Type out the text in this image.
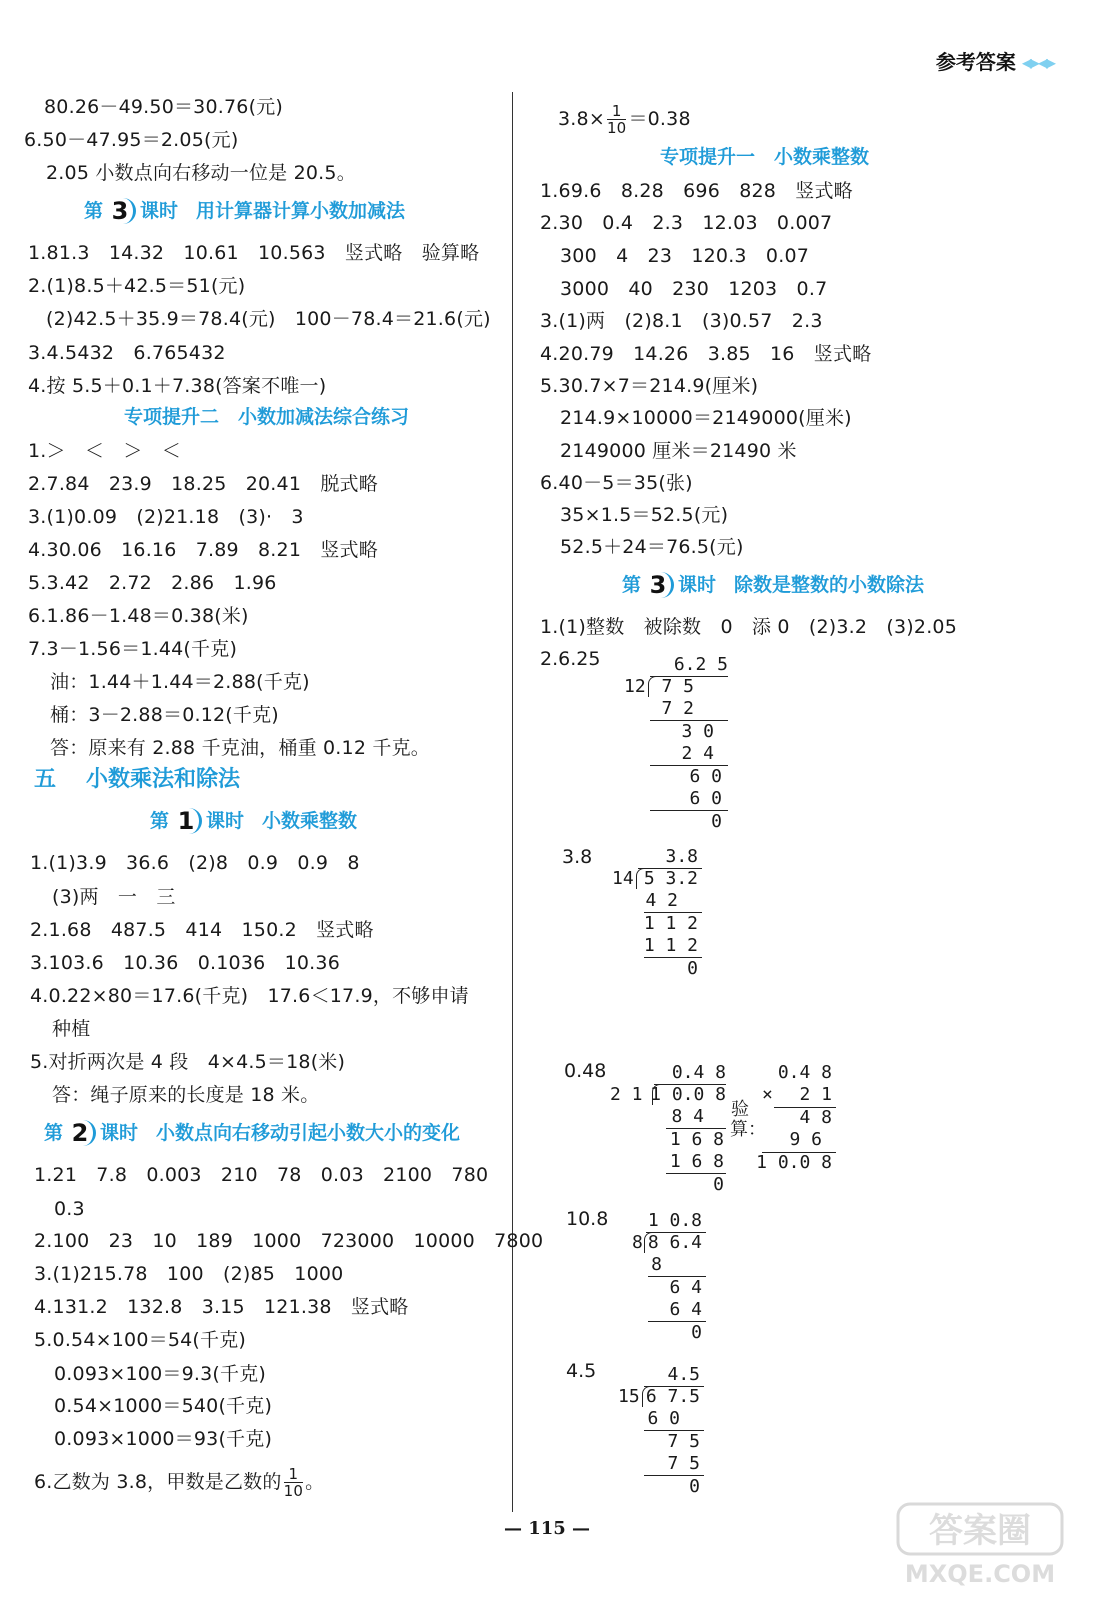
参考答案 ◂▸◂▸
80.26－49.50＝30.76(元)
6.50－47.95＝2.05(元)
2.05 小数点向右移动一位是 20.5。
第 3 课时 用计算器计算小数加减法
1.81.3　14.32　10.61　10.563　竖式略　验算略
2.(1)8.5＋42.5＝51(元)
(2)42.5＋35.9＝78.4(元)　100－78.4＝21.6(元)
3.4.5432　6.765432
4.按 5.5＋0.1＋7.38(答案不唯一)
专项提升二　小数加减法综合练习
1.＞　＜　＞　＜
2.7.84　23.9　18.25　20.41　脱式略
3.(1)0.09　(2)21.18　(3)·　3
4.30.06　16.16　7.89　8.21　竖式略
5.3.42　2.72　2.86　1.96
6.1.86－1.48＝0.38(米)
7.3－1.56＝1.44(千克)
油：1.44＋1.44＝2.88(千克)
桶：3－2.88＝0.12(千克)
答：原来有 2.88 千克油，桶重 0.12 千克。
五 小数乘法和除法
第 1 课时 小数乘整数
1.(1)3.9　36.6　(2)8　0.9　0.9　8
(3)两　一　三
2.1.68　487.5　414　150.2　竖式略
3.103.6　10.36　0.1036　10.36
4.0.22×80＝17.6(千克)　17.6＜17.9，不够申请
种植
5.对折两次是 4 段　4×4.5＝18(米)
答：绳子原来的长度是 18 米。
第 2 课时 小数点向右移动引起小数大小的变化
1.21　7.8　0.003　210　78　0.03　2100　780
0.3
2.100　23　10　189　1000　723000　10000　7800
3.(1)215.78　100　(2)85　1000
4.131.2　132.8　3.15　121.38　竖式略
5.0.54×100＝54(千克)
0.093×100＝9.3(千克)
0.54×1000＝540(千克)
0.093×1000＝93(千克)
6.乙数为 3.8，甲数是乙数的 $\frac{1}{10}$ 。
$3.8\times \frac{1}{10} =0.38$
专项提升一　小数乘整数
1.69.6　8.28　696　828　竖式略
2.30　0.4　2.3　12.03　0.007
300　4　23　120.3　0.07
3000　40　230　1203　0.7
3.(1)两　(2)8.1　(3)0.57　2.3
4.20.79　14.26　3.85　16　竖式略
5.30.7×7＝214.9(厘米)
214.9×10000＝2149000(厘米)
2149000 厘米＝21490 米
6.40－5＝35(张)
35×1.5＝52.5(元)
52.5＋24＝76.5(元)
第 3 课时 除数是整数的小数除法
1.(1)整数　被除数　0　添 0　(2)3.2　(3)2.05
2.6.25

	6.2 5

12

7 5

7 2

3 0

2 4

6 0

6 0

0

3.8

	3.8

14

5 3.2

4 2

1 1 2

1 1 2

0

0.48

	0.4 8

2 1

1 0.0 8

8 4

1 6 8

1 6 8

0

验算：

0.4 8

×

2 1

4 8

9 6

1 0.0 8

10.8

1 0.8

8

8 6.4

8

6 4

6 4

0

4.5

	4.5

15

6 7.5

6 0

7 5

7 5

0

— 115 —	答案圈
MXQE.COM
